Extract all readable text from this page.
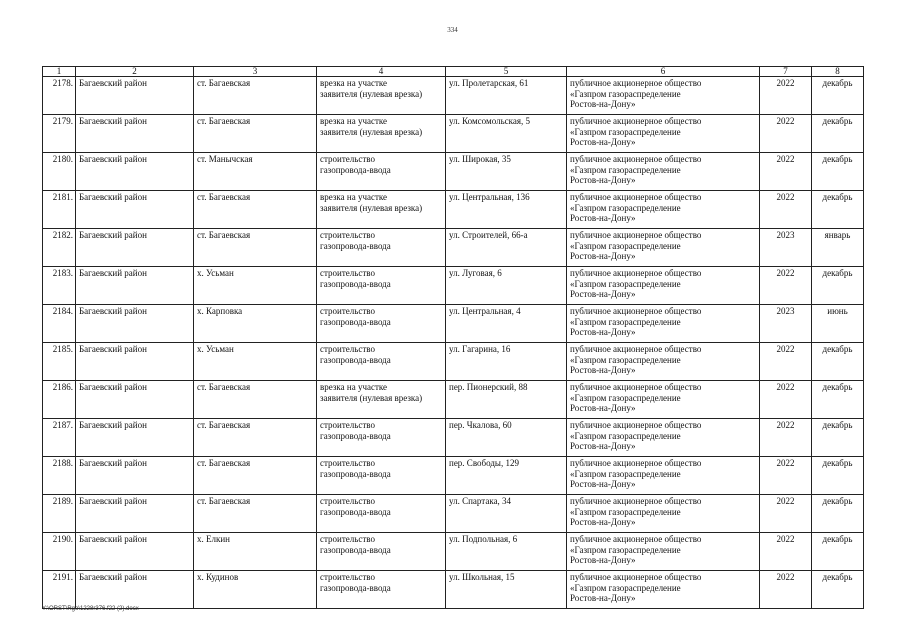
334
1	2	3	4	5	6	7	8
2178.	Багаевский район	ст. Багаевская	врезка на участке
заявителя (нулевая врезка)	ул. Пролетарская, 61	публичное акционерное общество
«Газпром газораспределение
Ростов-на-Дону»	2022	декабрь
2179.	Багаевский район	ст. Багаевская	врезка на участке
заявителя (нулевая врезка)	ул. Комсомольская, 5	публичное акционерное общество
«Газпром газораспределение
Ростов-на-Дону»	2022	декабрь
2180.	Багаевский район	ст. Манычская	строительство
газопровода-ввода	ул. Широкая, 35	публичное акционерное общество
«Газпром газораспределение
Ростов-на-Дону»	2022	декабрь
2181.	Багаевский район	ст. Багаевская	врезка на участке
заявителя (нулевая врезка)	ул. Центральная, 136	публичное акционерное общество
«Газпром газораспределение
Ростов-на-Дону»	2022	декабрь
2182.	Багаевский район	ст. Багаевская	строительство
газопровода-ввода	ул. Строителей, 66-а	публичное акционерное общество
«Газпром газораспределение
Ростов-на-Дону»	2023	январь
2183.	Багаевский район	х. Усьман	строительство
газопровода-ввода	ул. Луговая, 6	публичное акционерное общество
«Газпром газораспределение
Ростов-на-Дону»	2022	декабрь
2184.	Багаевский район	х. Карповка	строительство
газопровода-ввода	ул. Центральная, 4	публичное акционерное общество
«Газпром газораспределение
Ростов-на-Дону»	2023	июнь
2185.	Багаевский район	х. Усьман	строительство
газопровода-ввода	ул. Гагарина, 16	публичное акционерное общество
«Газпром газораспределение
Ростов-на-Дону»	2022	декабрь
2186.	Багаевский район	ст. Багаевская	врезка на участке
заявителя (нулевая врезка)	пер. Пионерский, 88	публичное акционерное общество
«Газпром газораспределение
Ростов-на-Дону»	2022	декабрь
2187.	Багаевский район	ст. Багаевская	строительство
газопровода-ввода	пер. Чкалова, 60	публичное акционерное общество
«Газпром газораспределение
Ростов-на-Дону»	2022	декабрь
2188.	Багаевский район	ст. Багаевская	строительство
газопровода-ввода	пер. Свободы, 129	публичное акционерное общество
«Газпром газораспределение
Ростов-на-Дону»	2022	декабрь
2189.	Багаевский район	ст. Багаевская	строительство
газопровода-ввода	ул. Спартака, 34	публичное акционерное общество
«Газпром газораспределение
Ростов-на-Дону»	2022	декабрь
2190.	Багаевский район	х. Елкин	строительство
газопровода-ввода	ул. Подпольная, 6	публичное акционерное общество
«Газпром газораспределение
Ростов-на-Дону»	2022	декабрь
2191.	Багаевский район	х. Кудинов	строительство
газопровода-ввода	ул. Школьная, 15	публичное акционерное общество
«Газпром газораспределение
Ростов-на-Дону»	2022	декабрь
Y:\ORST\Rgo\1228r376.f22 (2).docx
